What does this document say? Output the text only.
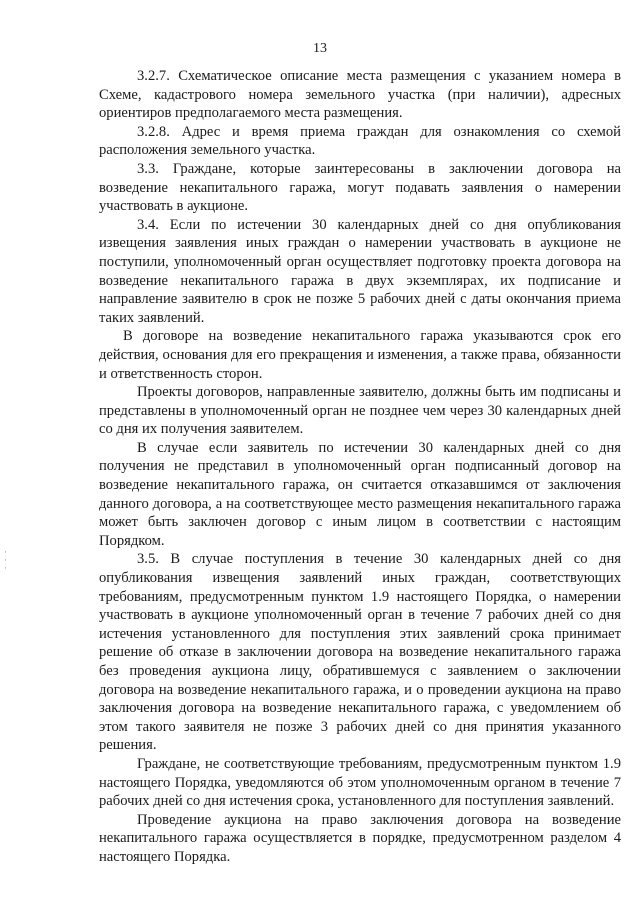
13

3.2.7. Схематическое описание места размещения с указанием номера в Схеме, кадастрового номера земельного участка (при наличии), адресных ориентиров предполагаемого места размещения.

3.2.8. Адрес и время приема граждан для ознакомления со схемой расположения земельного участка.

3.3. Граждане, которые заинтересованы в заключении договора на возведение некапитального гаража, могут подавать заявления о намерении участвовать в аукционе.

3.4. Если по истечении 30 календарных дней со дня опубликования извещения заявления иных граждан о намерении участвовать в аукционе не поступили, уполномоченный орган осуществляет подготовку проекта договора на возведение некапитального гаража в двух экземплярах, их подписание и направление заявителю в срок не позже 5 рабочих дней с даты окончания приема таких заявлений.

В договоре на возведение некапитального гаража указываются срок его действия, основания для его прекращения и изменения, а также права, обязанности и ответственность сторон.

Проекты договоров, направленные заявителю, должны быть им подписаны и представлены в уполномоченный орган не позднее чем через 30 календарных дней со дня их получения заявителем.

В случае если заявитель по истечении 30 календарных дней со дня получения не представил в уполномоченный орган подписанный договор на возведение некапитального гаража, он считается отказавшимся от заключения данного договора, а на соответствующее место размещения некапитального гаража может быть заключен договор с иным лицом в соответствии с настоящим Порядком.

3.5. В случае поступления в течение 30 календарных дней со дня опубликования извещения заявлений иных граждан, соответствующих требованиям, предусмотренным пунктом 1.9 настоящего Порядка, о намерении участвовать в аукционе уполномоченный орган в течение 7 рабочих дней со дня истечения установленного для поступления этих заявлений срока принимает решение об отказе в заключении договора на возведение некапитального гаража без проведения аукциона лицу, обратившемуся с заявлением о заключении договора на возведение некапитального гаража, и о проведении аукциона на право заключения договора на возведение некапитального гаража, с уведомлением об этом такого заявителя не позже 3 рабочих дней со дня принятия указанного решения.

Граждане, не соответствующие требованиям, предусмотренным пунктом 1.9 настоящего Порядка, уведомляются об этом уполномоченным органом в течение 7 рабочих дней со дня истечения срока, установленного для поступления заявлений.

Проведение аукциона на право заключения договора на возведение некапитального гаража осуществляется в порядке, предусмотренном разделом 4 настоящего Порядка.

·
·
·
